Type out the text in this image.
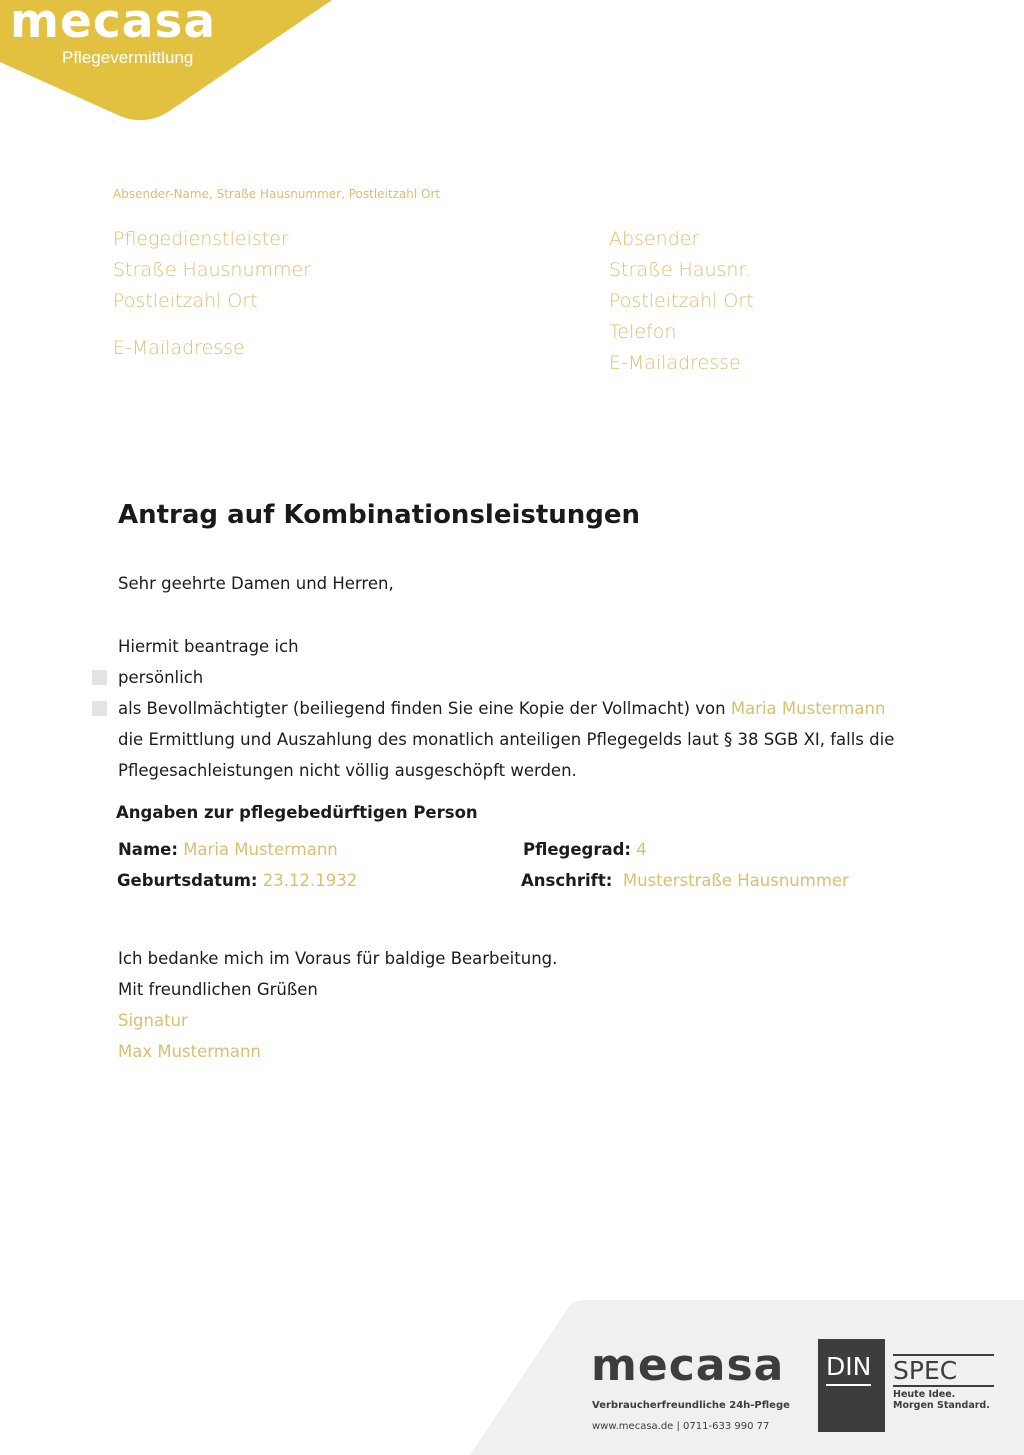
mecasa
Pflegevermittlung
Absender-Name, Straße Hausnummer, Postleitzahl Ort
Pflegedienstleister
Straße Hausnummer
Postleitzahl Ort
E-Mailadresse
Absender
Straße Hausnr.
Postleitzahl Ort
Telefon
E-Mailadresse
Antrag auf Kombinationsleistungen
Sehr geehrte Damen und Herren,
Hiermit beantrage ich
persönlich
als Bevollmächtigter (beiliegend finden Sie eine Kopie der Vollmacht) von Maria Mustermann
die Ermittlung und Auszahlung des monatlich anteiligen Pflegegelds laut § 38 SGB XI, falls die
Pflegesachleistungen nicht völlig ausgeschöpft werden.
Angaben zur pflegebedürftigen Person
Name: Maria Mustermann
Geburtsdatum: 23.12.1932
Pflegegrad: 4
Anschrift: Musterstraße Hausnummer
Ich bedanke mich im Voraus für baldige Bearbeitung.
Mit freundlichen Grüßen
Signatur
Max Mustermann
mecasa
Verbraucherfreundliche 24h-Pflege
www.mecasa.de | 0711-633 990 77
DIN SPEC
Heute Idee.
Morgen Standard.
